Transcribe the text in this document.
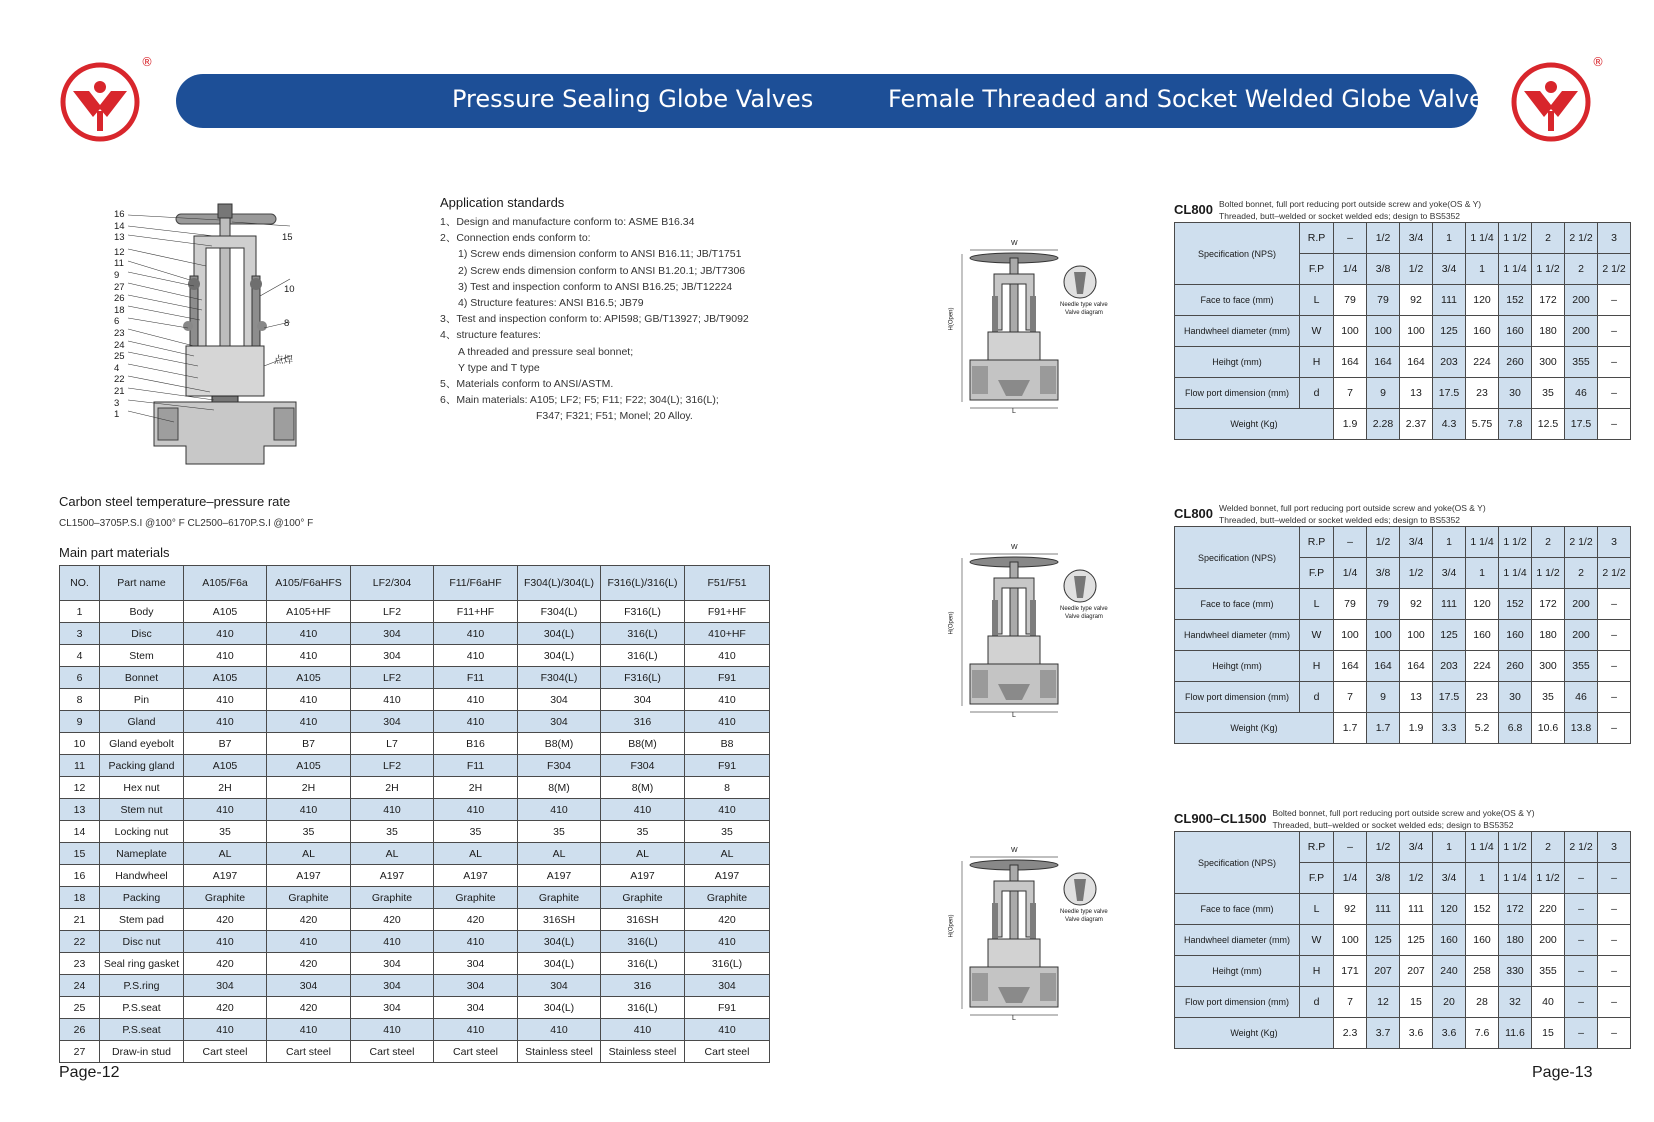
®	®
Pressure Sealing Globe Valves	Female Threaded and Socket Welded Globe Valves
16
14
13
12
11
9
27
26
18
6
23
24
25
4
22
21
3
1
15
10
8
点焊
Application standards
1、Design and manufacture conform to: ASME B16.34
2、Connection ends conform to:
1) Screw ends dimension conform to ANSI B16.11; JB/T1751
2) Screw ends dimension conform to ANSI B1.20.1; JB/T7306
3) Test and inspection conform to ANSI B16.25; JB/T12224
4) Structure features: ANSI B16.5; JB79
3、Test and inspection conform to: API598; GB/T13927; JB/T9092
4、structure features:
A threaded and pressure seal bonnet;
Y type and T type
5、Materials conform to ANSI/ASTM.
6、Main materials: A105; LF2; F5; F11; F22; 304(L); 316(L);
F347; F321; F51; Monel; 20 Alloy.
Carbon steel temperature–pressure rate
CL1500–3705P.S.I @100° F CL2500–6170P.S.I @100° F
Main part materials
NO.	Part name	A105/F6a	A105/F6aHFS	LF2/304	F11/F6aHF	F304(L)/304(L)	F316(L)/316(L)	F51/F51
1	Body	A105	A105+HF	LF2	F11+HF	F304(L)	F316(L)	F91+HF
3	Disc	410	410	304	410	304(L)	316(L)	410+HF
4	Stem	410	410	304	410	304(L)	316(L)	410
6	Bonnet	A105	A105	LF2	F11	F304(L)	F316(L)	F91
8	Pin	410	410	410	410	304	304	410
9	Gland	410	410	304	410	304	316	410
10	Gland eyebolt	B7	B7	L7	B16	B8(M)	B8(M)	B8
11	Packing gland	A105	A105	LF2	F11	F304	F304	F91
12	Hex nut	2H	2H	2H	2H	8(M)	8(M)	8
13	Stem nut	410	410	410	410	410	410	410
14	Locking nut	35	35	35	35	35	35	35
15	Nameplate	AL	AL	AL	AL	AL	AL	AL
16	Handwheel	A197	A197	A197	A197	A197	A197	A197
18	Packing	Graphite	Graphite	Graphite	Graphite	Graphite	Graphite	Graphite
21	Stem pad	420	420	420	420	316SH	316SH	420
22	Disc nut	410	410	410	410	304(L)	316(L)	410
23	Seal ring gasket	420	420	304	304	304(L)	316(L)	316(L)
24	P.S.ring	304	304	304	304	304	316	304
25	P.S.seat	420	420	304	304	304(L)	316(L)	F91
26	P.S.seat	410	410	410	410	410	410	410
27	Draw-in stud	Cart steel	Cart steel	Cart steel	Cart steel	Stainless steel	Stainless steel	Cart steel
W
L
H(Open)
Needle type valve
Valve diagram
W
L
H(Open)
Needle type valve
Valve diagram
W
L
H(Open)
Needle type valve
Valve diagram
CL800 Bolted bonnet, full port reducing port outside screw and yoke(OS & Y)
Threaded, butt–welded or socket welded eds; design to BS5352
Specification (NPS)	R.P	–	1/2	3/4	1	1 1/4	1 1/2	2	2 1/2	3
	F.P	1/4	3/8	1/2	3/4	1	1 1/4	1 1/2	2	2 1/2
Face to face (mm)	L	79	79	92	111	120	152	172	200	–
Handwheel diameter (mm)	W	100	100	100	125	160	160	180	200	–
Heihgt (mm)	H	164	164	164	203	224	260	300	355	–
Flow port dimension (mm)	d	7	9	13	17.5	23	30	35	46	–
Weight (Kg)		1.9	2.28	2.37	4.3	5.75	7.8	12.5	17.5	–
CL800 Welded bonnet, full port reducing port outside screw and yoke(OS & Y)
Threaded, butt–welded or socket welded eds; design to BS5352
Specification (NPS)	R.P	–	1/2	3/4	1	1 1/4	1 1/2	2	2 1/2	3
	F.P	1/4	3/8	1/2	3/4	1	1 1/4	1 1/2	2	2 1/2
Face to face (mm)	L	79	79	92	111	120	152	172	200	–
Handwheel diameter (mm)	W	100	100	100	125	160	160	180	200	–
Heihgt (mm)	H	164	164	164	203	224	260	300	355	–
Flow port dimension (mm)	d	7	9	13	17.5	23	30	35	46	–
Weight (Kg)		1.7	1.7	1.9	3.3	5.2	6.8	10.6	13.8	–
CL900–CL1500 Bolted bonnet, full port reducing port outside screw and yoke(OS & Y)
Threaded, butt–welded or socket welded eds; design to BS5352
Specification (NPS)	R.P	–	1/2	3/4	1	1 1/4	1 1/2	2	2 1/2	3
	F.P	1/4	3/8	1/2	3/4	1	1 1/4	1 1/2	–	–
Face to face (mm)	L	92	111	111	120	152	172	220	–	–
Handwheel diameter (mm)	W	100	125	125	160	160	180	200	–	–
Heihgt (mm)	H	171	207	207	240	258	330	355	–	–
Flow port dimension (mm)	d	7	12	15	20	28	32	40	–	–
Weight (Kg)		2.3	3.7	3.6	3.6	7.6	11.6	15	–	–
Page-12	Page-13
